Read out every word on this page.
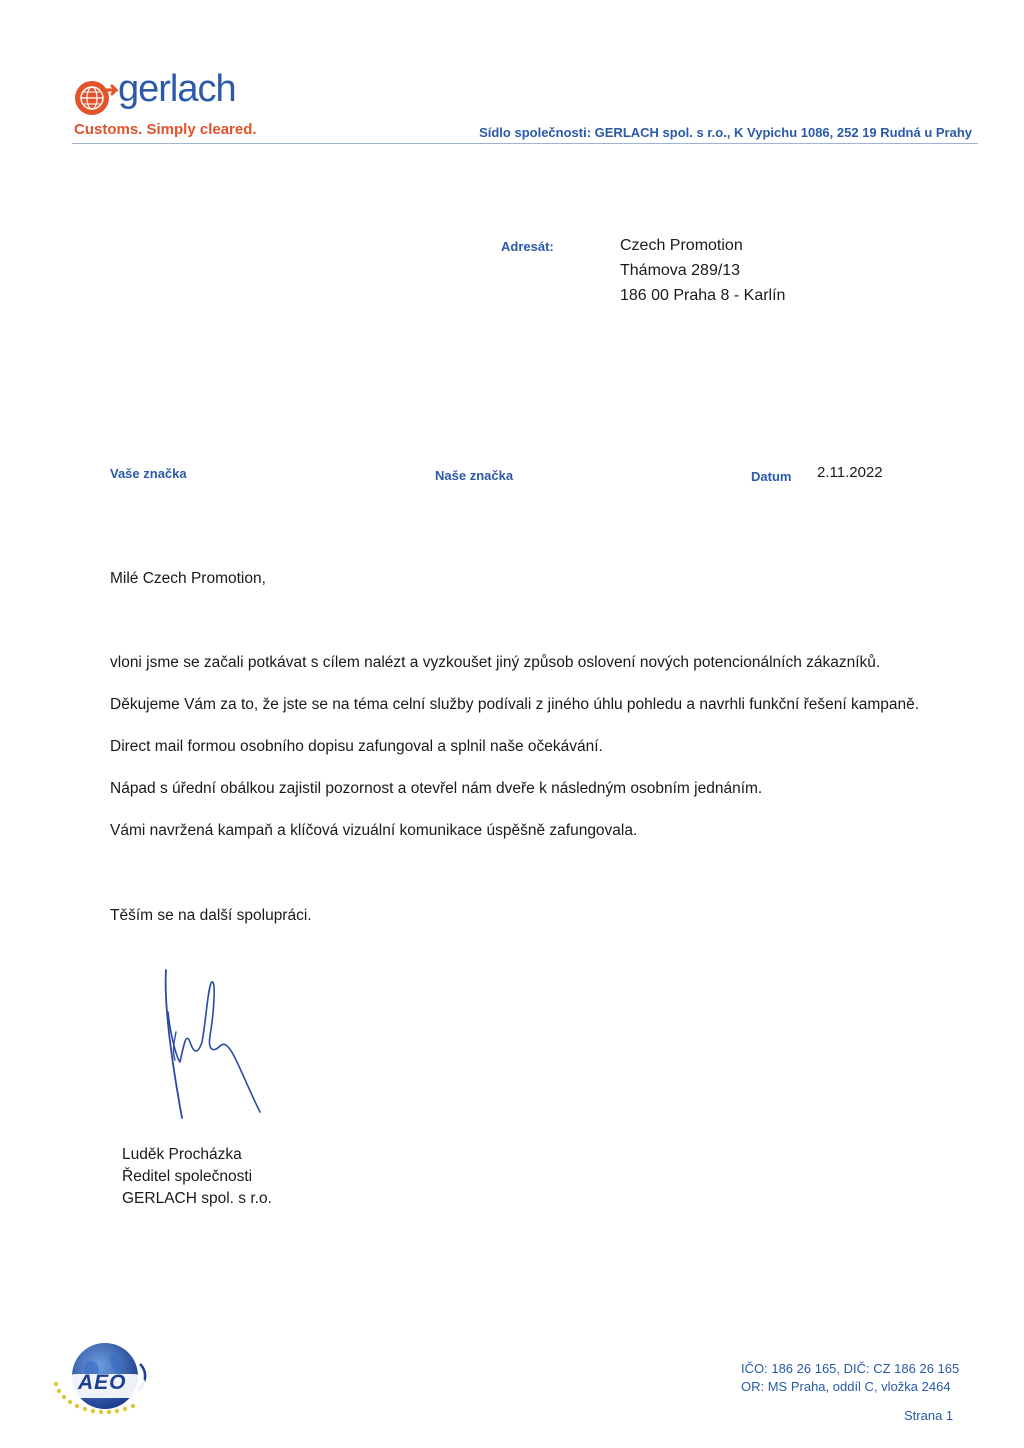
gerlach
Customs. Simply cleared.	Sídlo společnosti: GERLACH spol. s r.o., K Vypichu 1086, 252 19 Rudná u Prahy
Adresát:	Czech Promotion
Thámova 289/13
186 00 Praha 8 - Karlín
Vaše značka	Naše značka	Datum 2.11.2022
Milé Czech Promotion,
vloni jsme se začali potkávat s cílem nalézt a vyzkoušet jiný způsob oslovení nových potencionálních zákazníků.
Děkujeme Vám za to, že jste se na téma celní služby podívali z jiného úhlu pohledu a navrhli funkční řešení kampaně.
Direct mail formou osobního dopisu zafungoval a splnil naše očekávání.
Nápad s úřední obálkou zajistil pozornost a otevřel nám dveře k následným osobním jednáním.
Vámi navržená kampaň a klíčová vizuální komunikace úspěšně zafungovala.
Těším se na další spolupráci.
Luděk Procházka
Ředitel společnosti
GERLACH spol. s r.o.
AEO
IČO: 186 26 165, DIČ: CZ 186 26 165
OR: MS Praha, oddíl C, vložka 2464
Strana 1
